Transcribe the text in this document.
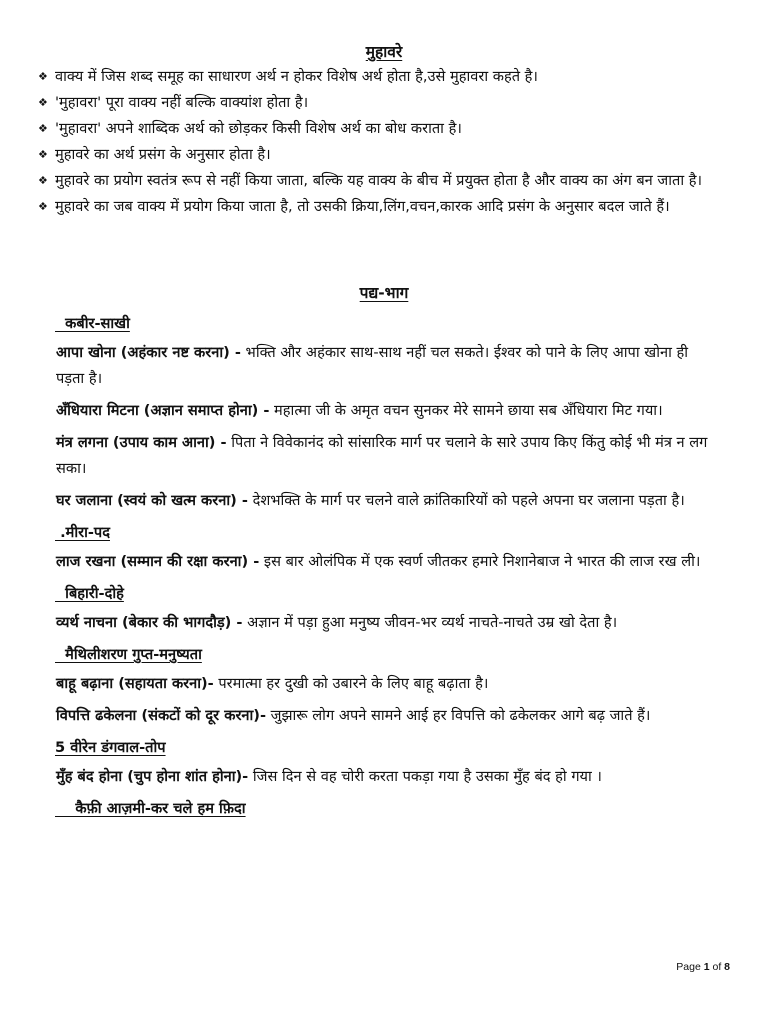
मुहावरे
❖ वाक्य में जिस शब्द समूह का साधारण अर्थ न होकर विशेष अर्थ होता है,उसे मुहावरा कहते है।
❖ 'मुहावरा' पूरा वाक्य नहीं बल्कि वाक्यांश होता है।
❖ 'मुहावरा' अपने शाब्दिक अर्थ को छोड़कर किसी विशेष अर्थ का बोध कराता है।
❖ मुहावरे का अर्थ प्रसंग के अनुसार होता है।
❖ मुहावरे का प्रयोग स्वतंत्र रूप से नहीं किया जाता, बल्कि यह वाक्य के बीच में प्रयुक्त होता है और वाक्य का अंग बन जाता है।
❖ मुहावरे का जब वाक्य में प्रयोग किया जाता है, तो उसकी क्रिया,लिंग,वचन,कारक आदि प्रसंग के अनुसार बदल जाते हैं।
पद्य-भाग
कबीर-साखी
आपा खोना (अहंकार नष्ट करना) - भक्ति और अहंकार साथ-साथ नहीं चल सकते। ईश्वर को पाने के लिए आपा खोना ही पड़ता है।
अँधियारा मिटना (अज्ञान समाप्त होना) - महात्मा जी के अमृत वचन सुनकर मेरे सामने छाया सब अँधियारा मिट गया।
मंत्र लगना (उपाय काम आना) - पिता ने विवेकानंद को सांसारिक मार्ग पर चलाने के सारे उपाय किए किंतु कोई भी मंत्र न लग सका।
घर जलाना (स्वयं को खत्म करना) - देशभक्ति के मार्ग पर चलने वाले क्रांतिकारियों को पहले अपना घर जलाना पड़ता है।
.मीरा-पद
लाज रखना (सम्मान की रक्षा करना) - इस बार ओलंपिक में एक स्वर्ण जीतकर हमारे निशानेबाज ने भारत की लाज रख ली।
बिहारी-दोहे
व्यर्थ नाचना (बेकार की भागदौड़) - अज्ञान में पड़ा हुआ मनुष्य जीवन-भर व्यर्थ नाचते-नाचते उम्र खो देता है।
मैथिलीशरण गुप्त-मनुष्यता
बाहू बढ़ाना (सहायता करना)- परमात्मा हर दुखी को उबारने के लिए बाहू बढ़ाता है।
विपत्ति ढकेलना (संकटों को दूर करना)- जुझारू लोग अपने सामने आई हर विपत्ति को ढकेलकर आगे बढ़ जाते हैं।
5 वीरेन डंगवाल-तोप
मुँह बंद होना (चुप होना शांत होना)- जिस दिन से वह चोरी करता पकड़ा गया है उसका मुँह बंद हो गया ।
कैफ़ी आज़मी-कर चले हम फ़िदा
Page 1 of 8
